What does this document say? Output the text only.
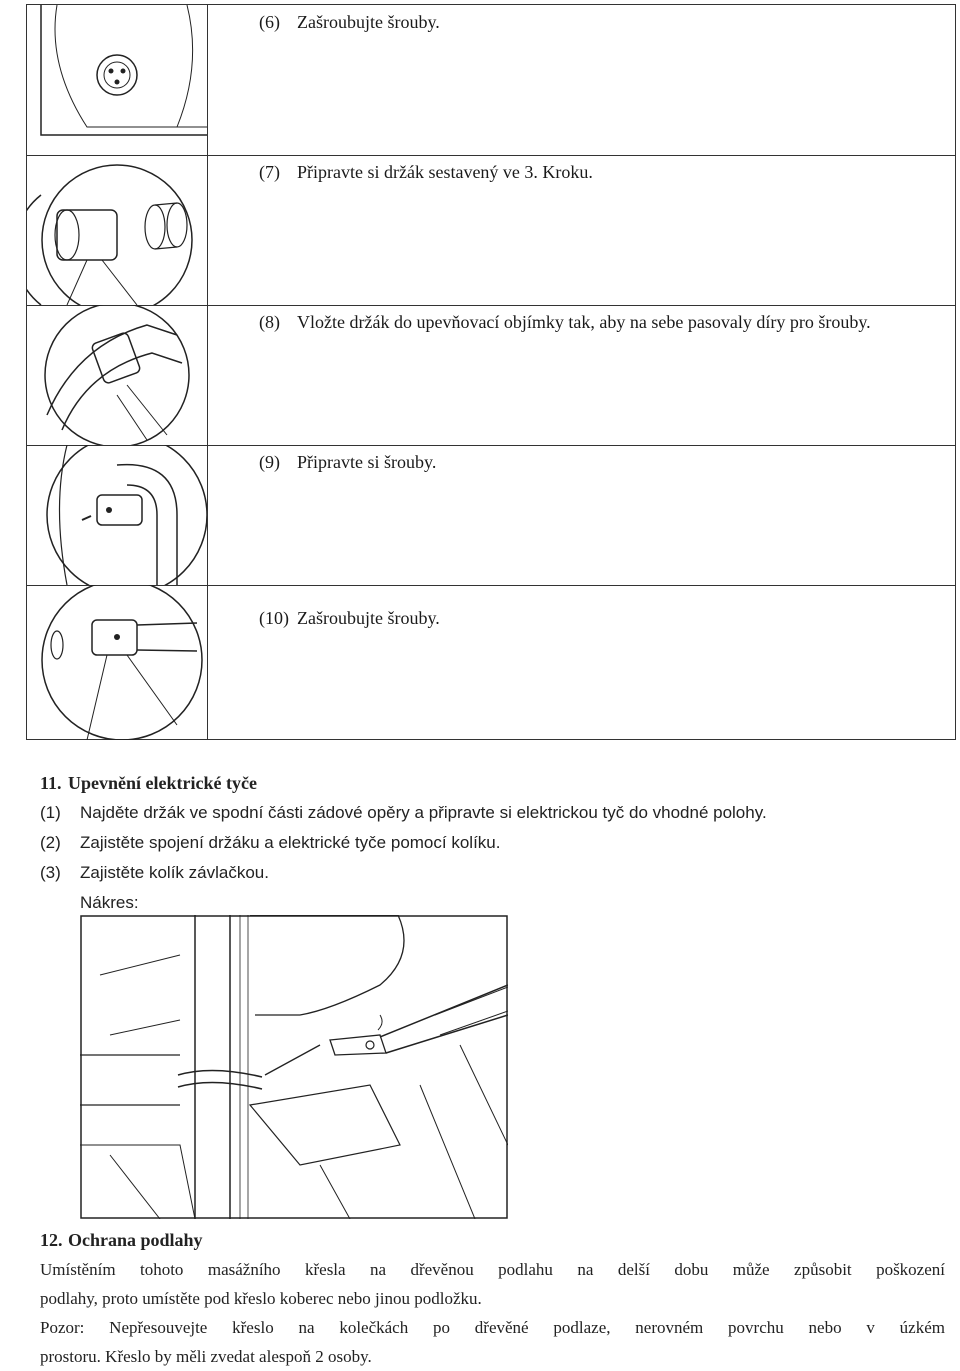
(6) Zašroubujte šrouby.
(7) Připravte si držák sestavený ve 3. Kroku.
(8) Vložte držák do upevňovací objímky tak, aby na sebe pasovaly díry pro šrouby.
(9) Připravte si šrouby.
(10) Zašroubujte šrouby.
11. Upevnění elektrické tyče
(1) Najděte držák ve spodní části zádové opěry a připravte si elektrickou tyč do vhodné polohy.
(2) Zajistěte spojení držáku a elektrické tyče pomocí kolíku.
(3) Zajistěte kolík závlačkou.
Nákres:
12. Ochrana podlahy
Umístěním tohoto masážního křesla na dřevěnou podlahu na delší dobu může způsobit poškození
podlahy, proto umístěte pod křeslo koberec nebo jinou podložku.
Pozor: Nepřesouvejte křeslo na kolečkách po dřevěné podlaze, nerovném povrchu nebo v úzkém
prostoru. Křeslo by měli zvedat alespoň 2 osoby.
